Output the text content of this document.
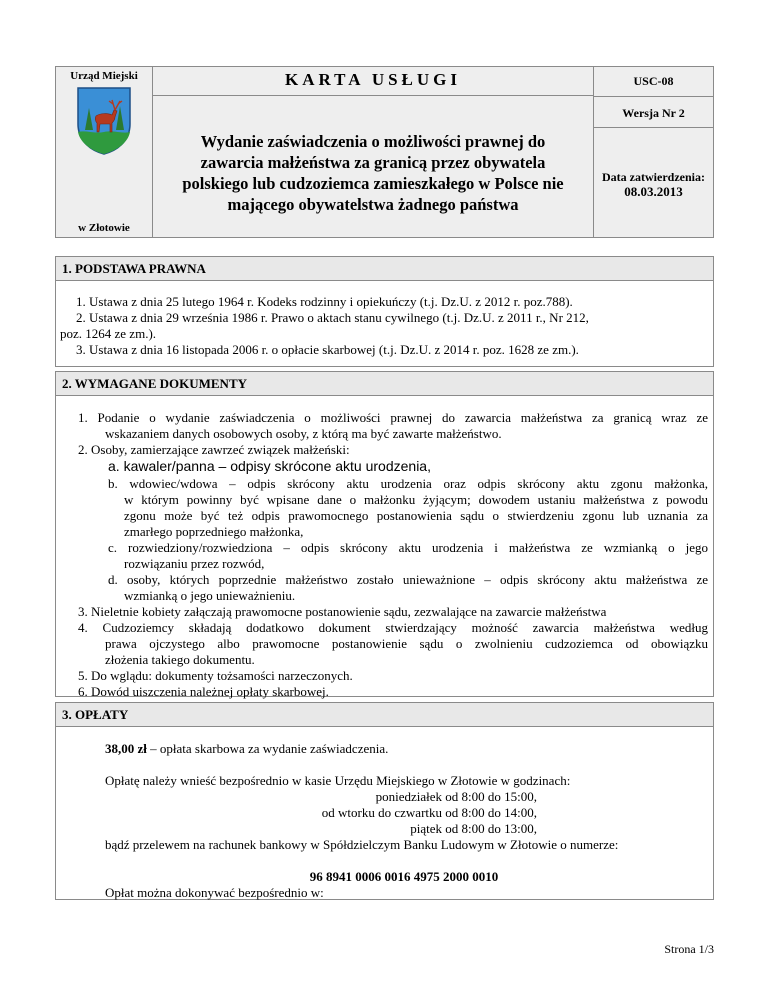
Urząd Miejski
w Złotowie
KARTA USŁUGI	USC-08
Wersja Nr 2
Data zatwierdzenia:
08.03.2013
Wydanie zaświadczenia o możliwości prawnej do
zawarcia małżeństwa za granicą przez obywatela
polskiego lub cudzoziemca zamieszkałego w Polsce nie
mającego obywatelstwa żadnego państwa
1. PODSTAWA PRAWNA
1. Ustawa z dnia 25 lutego 1964 r. Kodeks rodzinny i opiekuńczy (t.j. Dz.U. z 2012 r. poz.788).
2. Ustawa z dnia 29 września 1986 r. Prawo o aktach stanu cywilnego (t.j. Dz.U. z 2011 r., Nr 212,
poz. 1264 ze zm.).
3. Ustawa z dnia 16 listopada 2006 r. o opłacie skarbowej (t.j. Dz.U. z 2014 r. poz. 1628 ze zm.).
2. WYMAGANE DOKUMENTY
1. Podanie o wydanie zaświadczenia o możliwości prawnej do zawarcia małżeństwa za granicą wraz ze
wskazaniem danych osobowych osoby, z którą ma być zawarte małżeństwo.
2. Osoby, zamierzające zawrzeć związek małżeński:
a. kawaler/panna – odpisy skrócone aktu urodzenia,
b. wdowiec/wdowa – odpis skrócony aktu urodzenia oraz odpis skrócony aktu zgonu małżonka,
w którym powinny być wpisane dane o małżonku żyjącym; dowodem ustaniu małżeństwa z powodu
zgonu może być też odpis prawomocnego postanowienia sądu o stwierdzeniu zgonu lub uznania za
zmarłego poprzedniego małżonka,
c. rozwiedziony/rozwiedziona – odpis skrócony aktu urodzenia i małżeństwa ze wzmianką o jego
rozwiązaniu przez rozwód,
d. osoby, których poprzednie małżeństwo zostało unieważnione – odpis skrócony aktu małżeństwa ze
wzmianką o jego unieważnieniu.
3. Nieletnie kobiety załączają prawomocne postanowienie sądu, zezwalające na zawarcie małżeństwa
4. Cudzoziemcy składają dodatkowo dokument stwierdzający możność zawarcia małżeństwa według
prawa ojczystego albo prawomocne postanowienie sądu o zwolnieniu cudzoziemca od obowiązku
złożenia takiego dokumentu.
5. Do wglądu: dokumenty tożsamości narzeczonych.
6. Dowód uiszczenia należnej opłaty skarbowej.
3. OPŁATY
38,00 zł – opłata skarbowa za wydanie zaświadczenia.
Opłatę należy wnieść bezpośrednio w kasie Urzędu Miejskiego w Złotowie w godzinach:
poniedziałek od 8:00 do 15:00,
od wtorku do czwartku od 8:00 do 14:00,
piątek od 8:00 do 13:00,
bądź przelewem na rachunek bankowy w Spółdzielczym Banku Ludowym w Złotowie o numerze:
96 8941 0006 0016 4975 2000 0010
Opłat można dokonywać bezpośrednio w:
Strona 1/3
